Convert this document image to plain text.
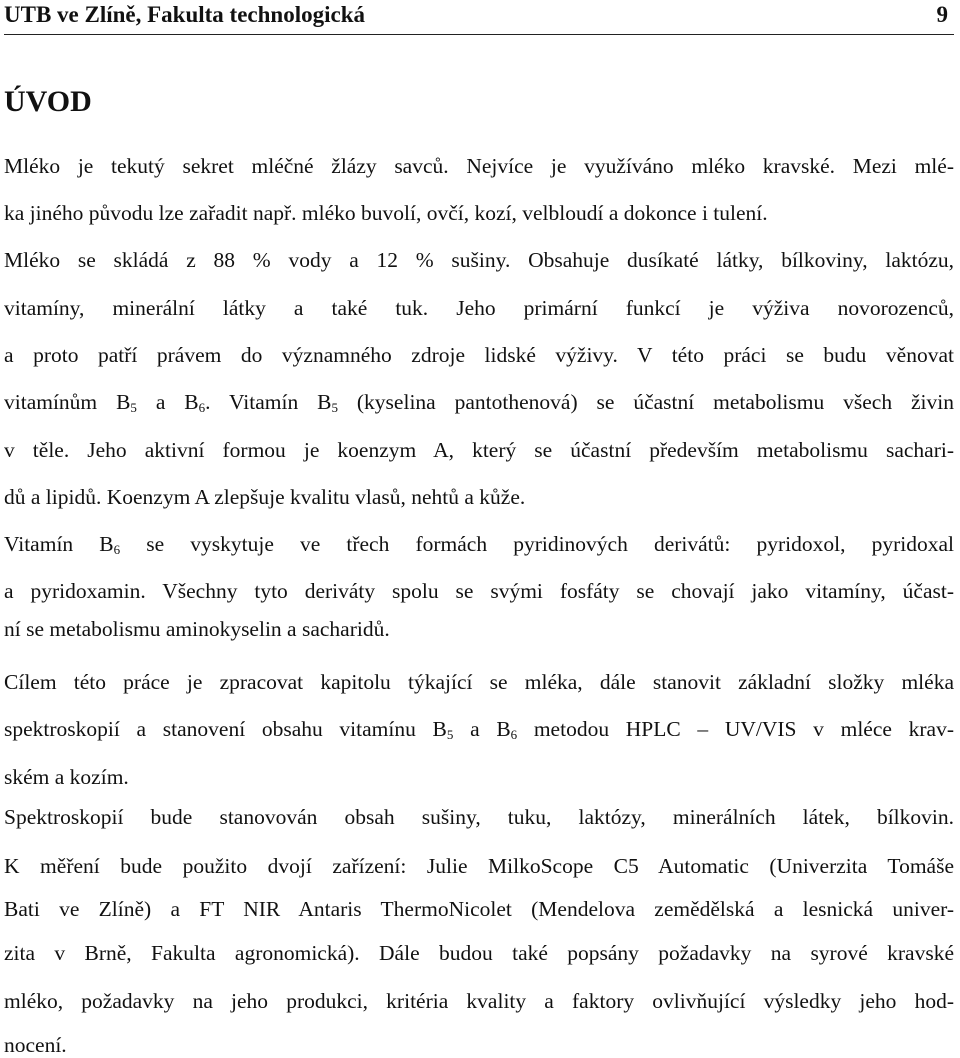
UTB ve Zlíně, Fakulta technologická	9
ÚVOD
Mléko je tekutý sekret mléčné žlázy savců. Nejvíce je využíváno mléko kravské. Mezi mlé-
ka jiného původu lze zařadit např. mléko buvolí, ovčí, kozí, velbloudí a dokonce i tulení.
Mléko se skládá z 88 % vody a 12 % sušiny. Obsahuje dusíkaté látky, bílkoviny, laktózu,
vitamíny, minerální látky a také tuk. Jeho primární funkcí je výživa novorozenců,
a proto patří právem do významného zdroje lidské výživy. V této práci se budu věnovat
vitamínům $B_5$ a $B_6$. Vitamín $B_5$ (kyselina pantothenová) se účastní metabolismu všech živin
v těle. Jeho aktivní formou je koenzym A, který se účastní především metabolismu sachari-
dů a lipidů. Koenzym A zlepšuje kvalitu vlasů, nehtů a kůže.
Vitamín $B_6$ se vyskytuje ve třech formách pyridinových derivátů: pyridoxol, pyridoxal
a pyridoxamin. Všechny tyto deriváty spolu se svými fosfáty se chovají jako vitamíny, účast-
ní se metabolismu aminokyselin a sacharidů.
Cílem této práce je zpracovat kapitolu týkající se mléka, dále stanovit základní složky mléka
spektroskopií a stanovení obsahu vitamínu $B_5$ a $B_6$ metodou HPLC – UV/VIS v mléce krav-
ském a kozím.
Spektroskopií bude stanovován obsah sušiny, tuku, laktózy, minerálních látek, bílkovin.
K měření bude použito dvojí zařízení: Julie MilkoScope C5 Automatic (Univerzita Tomáše
Bati ve Zlíně) a FT NIR Antaris ThermoNicolet (Mendelova zemědělská a lesnická univer-
zita v Brně, Fakulta agronomická). Dále budou také popsány požadavky na syrové kravské
mléko, požadavky na jeho produkci, kritéria kvality a faktory ovlivňující výsledky jeho hod-
nocení.
